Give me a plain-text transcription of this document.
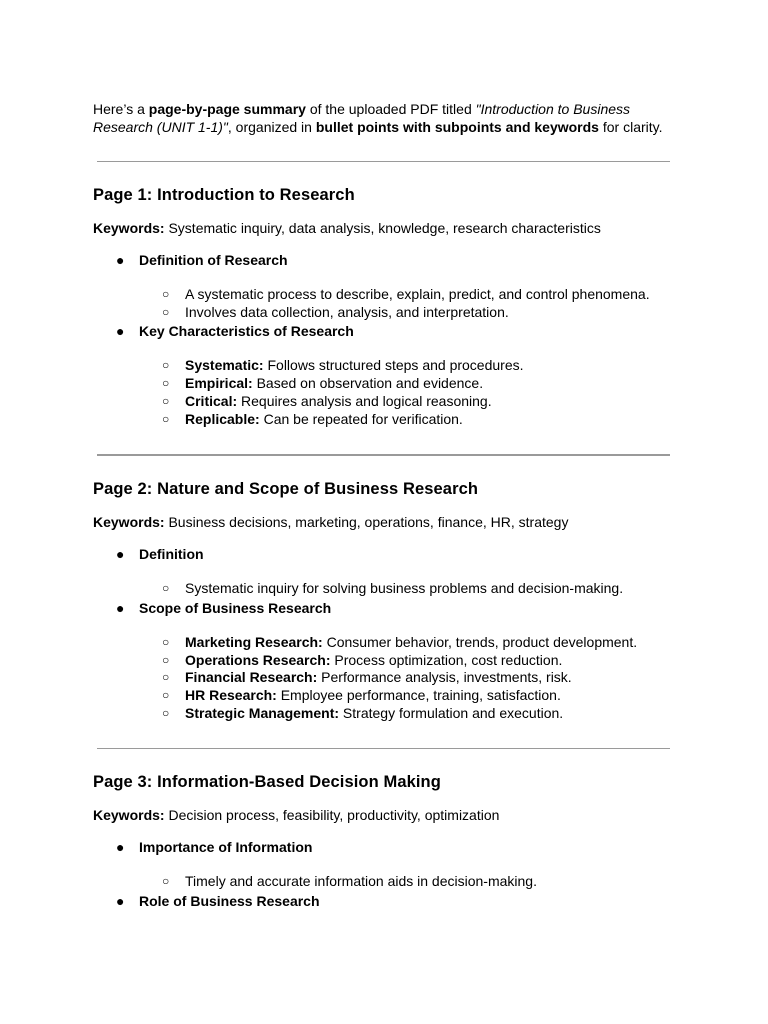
Here’s a page-by-page summary of the uploaded PDF titled "Introduction to Business Research (UNIT 1-1)", organized in bullet points with subpoints and keywords for clarity.

Page 1: Introduction to Research

Keywords: Systematic inquiry, data analysis, knowledge, research characteristics

● Definition of Research

○ A systematic process to describe, explain, predict, and control phenomena.

○ Involves data collection, analysis, and interpretation.

● Key Characteristics of Research

○ Systematic: Follows structured steps and procedures.

○ Empirical: Based on observation and evidence.

○ Critical: Requires analysis and logical reasoning.

○ Replicable: Can be repeated for verification.

Page 2: Nature and Scope of Business Research

Keywords: Business decisions, marketing, operations, finance, HR, strategy

● Definition

○ Systematic inquiry for solving business problems and decision-making.

● Scope of Business Research

○ Marketing Research: Consumer behavior, trends, product development.

○ Operations Research: Process optimization, cost reduction.

○ Financial Research: Performance analysis, investments, risk.

○ HR Research: Employee performance, training, satisfaction.

○ Strategic Management: Strategy formulation and execution.

Page 3: Information-Based Decision Making

Keywords: Decision process, feasibility, productivity, optimization

● Importance of Information

○ Timely and accurate information aids in decision-making.

● Role of Business Research
